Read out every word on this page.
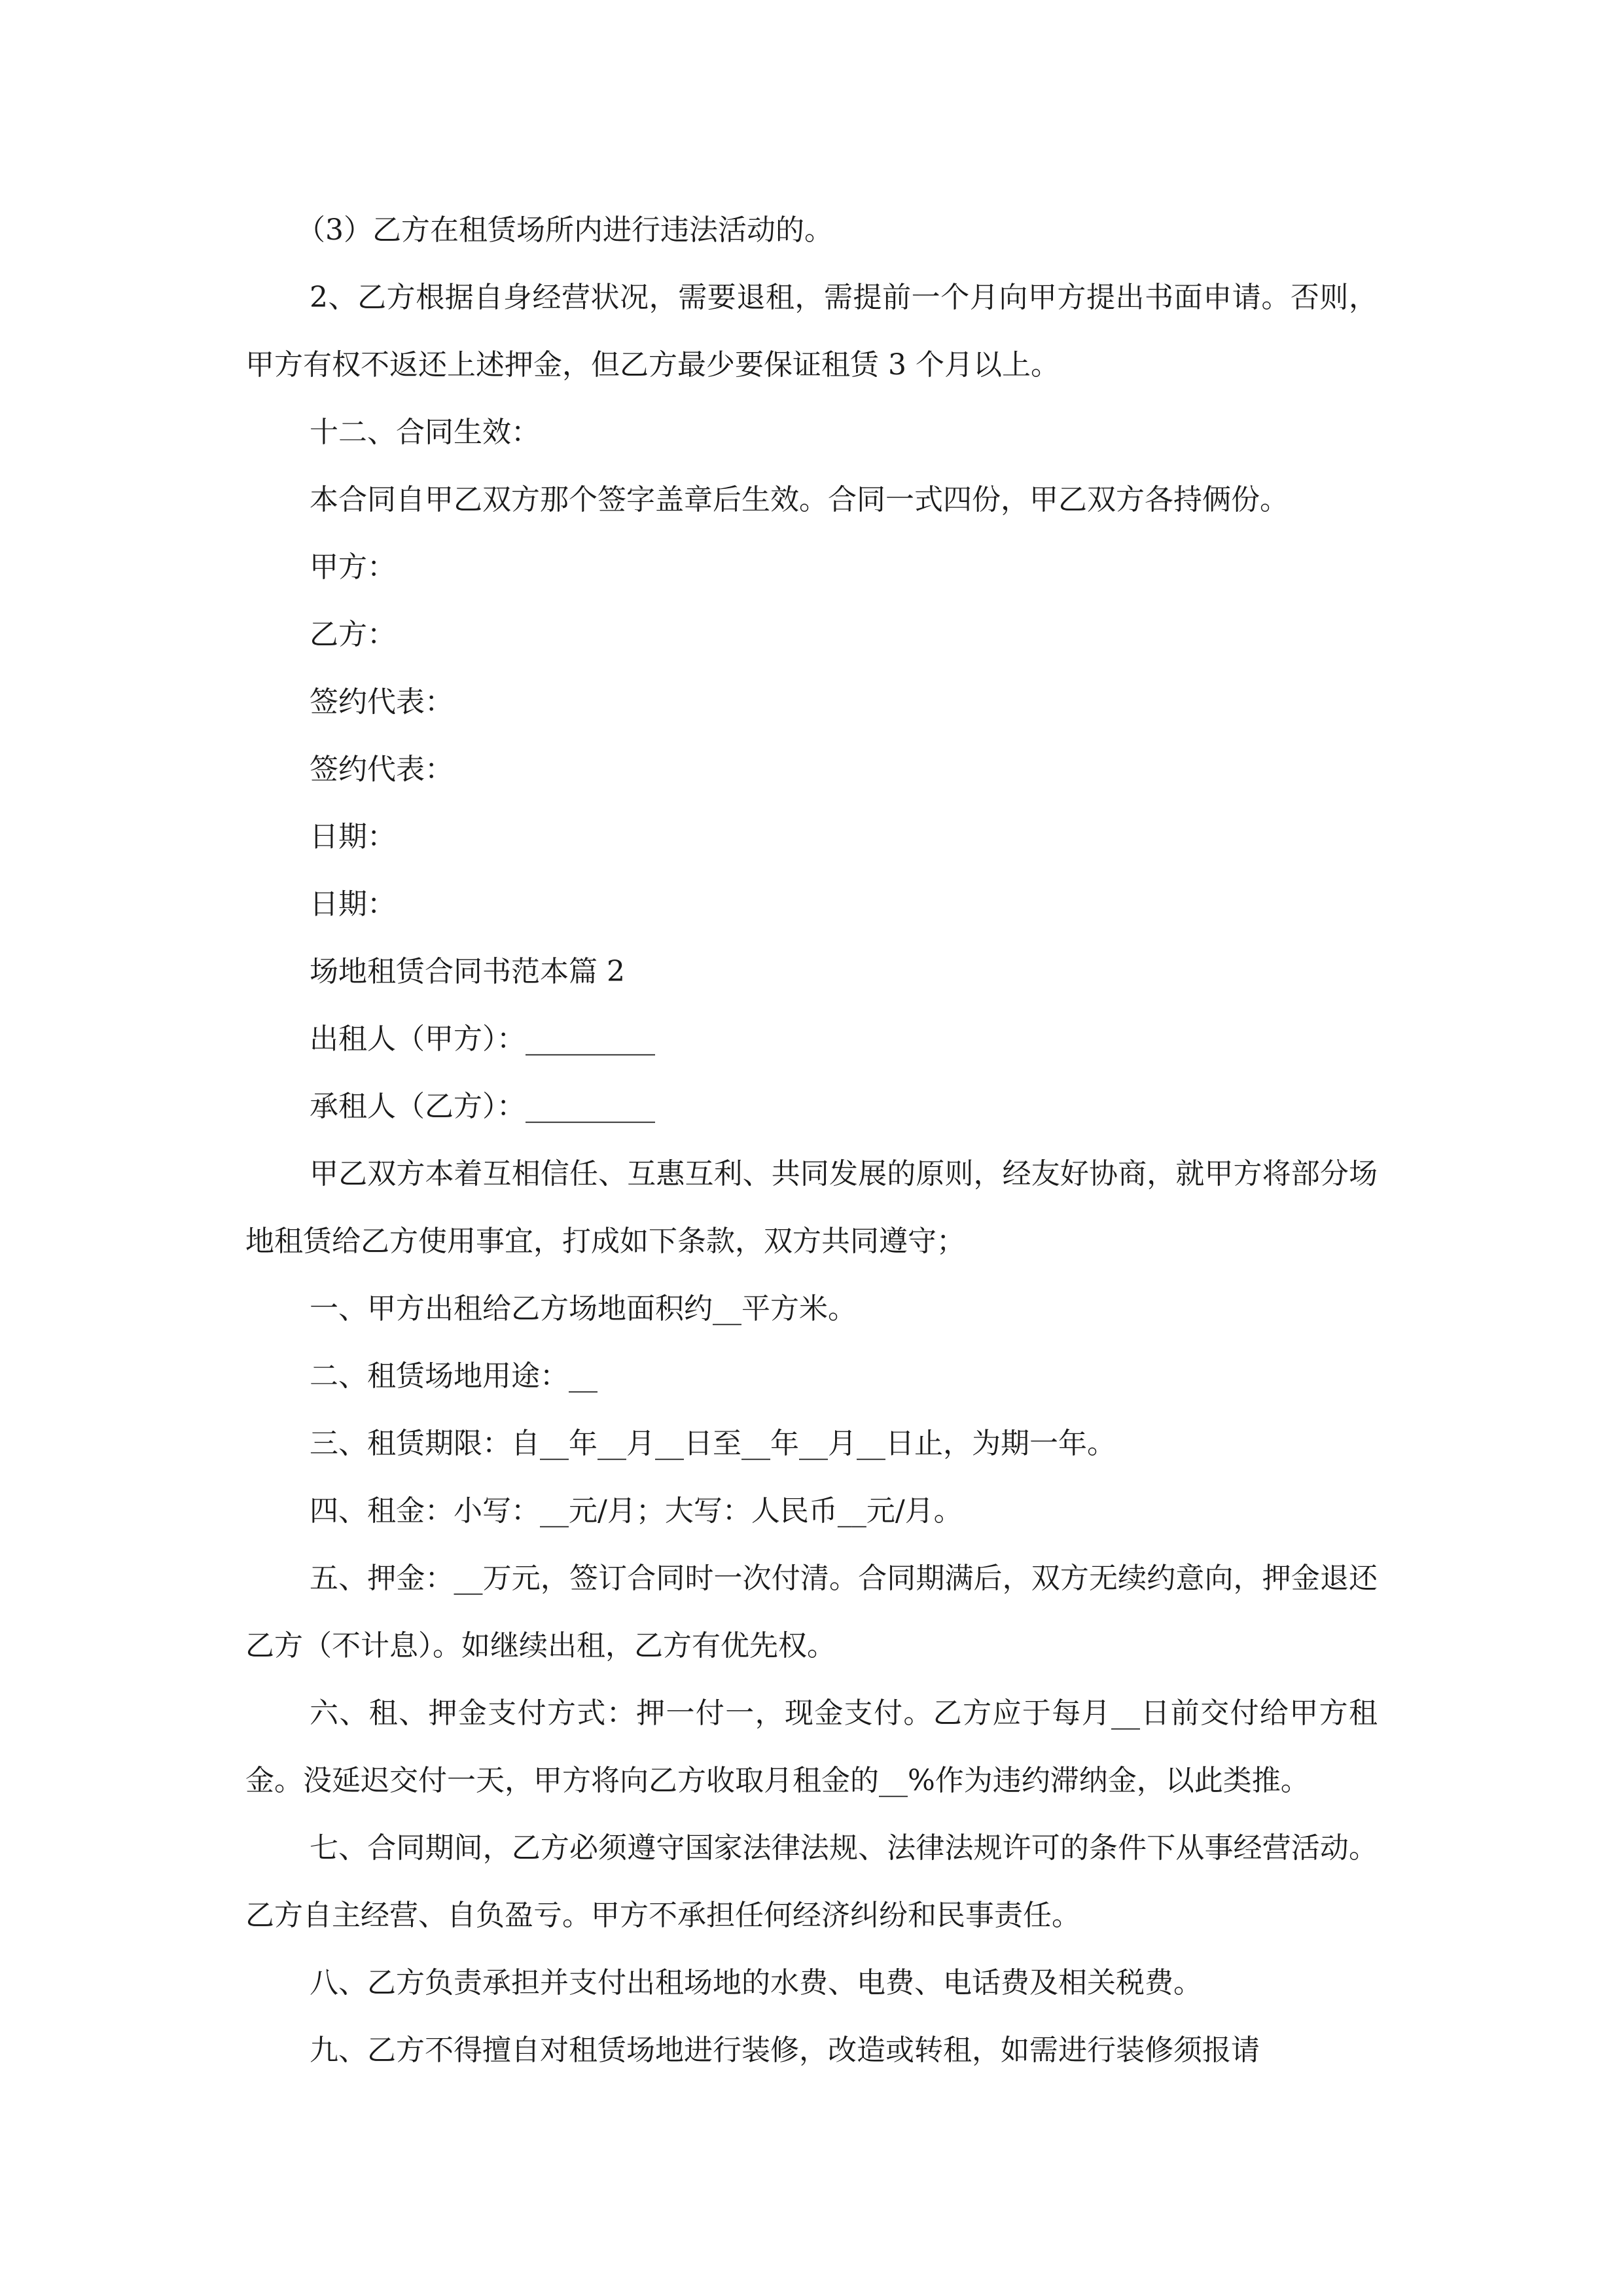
（3）乙方在租赁场所内进行违法活动的。

2、乙方根据自身经营状况，需要退租，需提前一个月向甲方提出书面申请。否则，甲方有权不返还上述押金，但乙方最少要保证租赁 3 个月以上。

十二、合同生效：

本合同自甲乙双方那个签字盖章后生效。合同一式四份，甲乙双方各持俩份。

甲方：

乙方：

签约代表：

签约代表：

日期：

日期：

场地租赁合同书范本篇 2

出租人（甲方）：_________

承租人（乙方）：_________

甲乙双方本着互相信任、互惠互利、共同发展的原则，经友好协商，就甲方将部分场地租赁给乙方使用事宜，打成如下条款，双方共同遵守；

一、甲方出租给乙方场地面积约__平方米。

二、租赁场地用途：__

三、租赁期限：自__年__月__日至__年__月__日止，为期一年。

四、租金：小写：__元/月；大写：人民币__元/月。

五、押金：__万元，签订合同时一次付清。合同期满后，双方无续约意向，押金退还乙方（不计息）。如继续出租，乙方有优先权。

六、租、押金支付方式：押一付一，现金支付。乙方应于每月__日前交付给甲方租金。没延迟交付一天，甲方将向乙方收取月租金的__%作为违约滞纳金，以此类推。

七、合同期间，乙方必须遵守国家法律法规、法律法规许可的条件下从事经营活动。乙方自主经营、自负盈亏。甲方不承担任何经济纠纷和民事责任。

八、乙方负责承担并支付出租场地的水费、电费、电话费及相关税费。

九、乙方不得擅自对租赁场地进行装修，改造或转租，如需进行装修须报请
